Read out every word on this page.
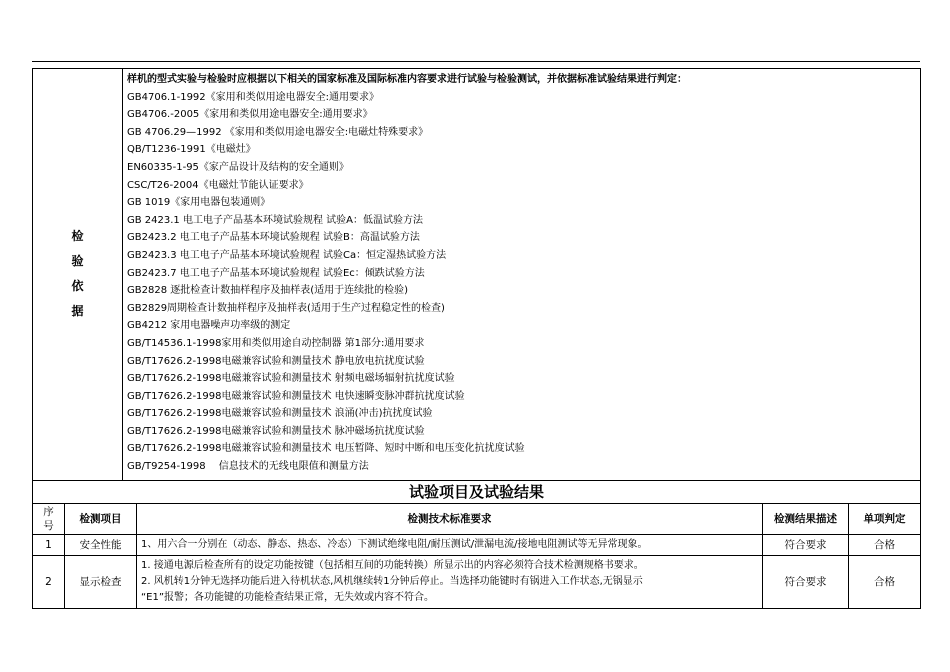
检
验
依
据

样机的型式实验与检验时应根据以下相关的国家标准及国际标准内容要求进行试验与检验测试，并依据标准试验结果进行判定：
GB4706.1-1992《家用和类似用途电器安全:通用要求》
GB4706.-2005《家用和类似用途电器安全:通用要求》
GB 4706.29—1992 《家用和类似用途电器安全:电磁灶特殊要求》
QB/T1236-1991《电磁灶》
EN60335-1-95《家产品设计及结构的安全通则》
CSC/T26-2004《电磁灶节能认证要求》
GB 1019《家用电器包装通则》
GB 2423.1 电工电子产品基本环境试验规程 试验A：低温试验方法
GB2423.2 电工电子产品基本环境试验规程 试验B：高温试验方法
GB2423.3 电工电子产品基本环境试验规程 试验Ca：恒定湿热试验方法
GB2423.7 电工电子产品基本环境试验规程 试验Ec：倾跌试验方法
GB2828 逐批检查计数抽样程序及抽样表(适用于连续批的检验)
GB2829周期检查计数抽样程序及抽样表(适用于生产过程稳定性的检查)
GB4212 家用电器噪声功率级的测定
GB/T14536.1-1998家用和类似用途自动控制器 第1部分:通用要求
GB/T17626.2-1998电磁兼容试验和测量技术 静电放电抗扰度试验
GB/T17626.2-1998电磁兼容试验和测量技术 射频电磁场辐射抗扰度试验
GB/T17626.2-1998电磁兼容试验和测量技术 电快速瞬变脉冲群抗扰度试验
GB/T17626.2-1998电磁兼容试验和测量技术 浪涌(冲击)抗扰度试验
GB/T17626.2-1998电磁兼容试验和测量技术 脉冲磁场抗扰度试验
GB/T17626.2-1998电磁兼容试验和测量技术 电压暂降、短时中断和电压变化抗扰度试验
GB/T9254-1998　 信息技术的无线电限值和测量方法
试验项目及试验结果				

序
号	检测项目	检测技术标准要求	检测结果描述	单项判定
1	安全性能	1、用六合一分别在（动态、静态、热态、冷态）下测试绝缘电阻/耐压测试/泄漏电流/接地电阻测试等无异常现象。	符合要求	合格
2	显示检查	1. 接通电源后检查所有的设定功能按键（包括相互间的功能转换）所显示出的内容必须符合技术检测规格书要求。
2. 风机转1分钟无选择功能后进入待机状态,风机继续转1分钟后停止。当选择功能键时有锅进入工作状态,无锅显示
“E1”报警；各功能键的功能检查结果正常，无失效或内容不符合。	符合要求	合格
